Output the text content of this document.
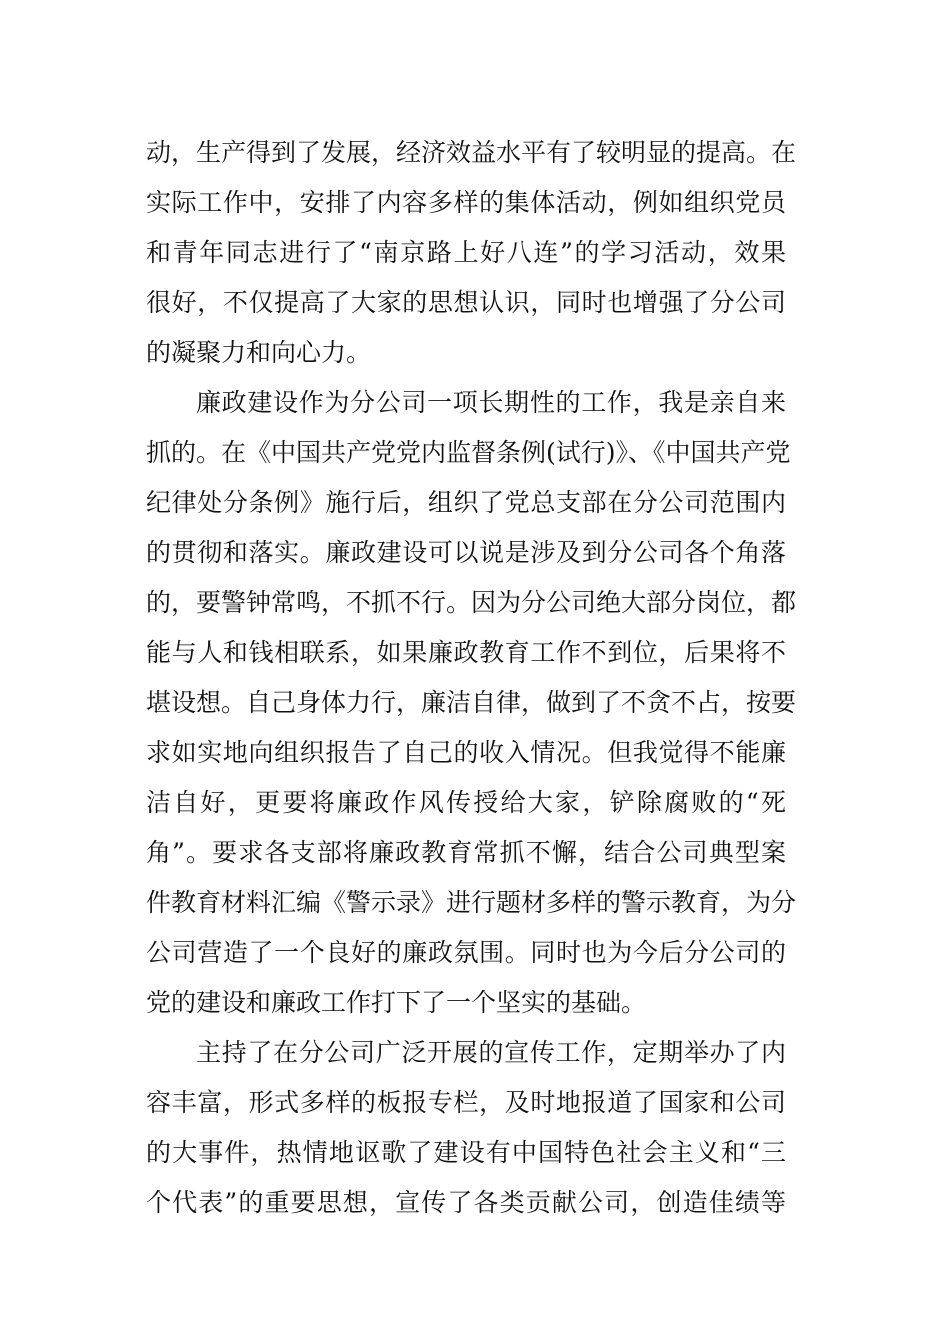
动，生产得到了发展，经济效益水平有了较明显的提高。在
实际工作中，安排了内容多样的集体活动，例如组织党员
和青年同志进行了“南京路上好八连”的学习活动，效果
很好，不仅提高了大家的思想认识，同时也增强了分公司
的凝聚力和向心力。
廉政建设作为分公司一项长期性的工作，我是亲自来
抓的。在《中国共产党党内监督条例(试行)》、《中国共产党
纪律处分条例》施行后，组织了党总支部在分公司范围内
的贯彻和落实。廉政建设可以说是涉及到分公司各个角落
的，要警钟常鸣，不抓不行。因为分公司绝大部分岗位，都
能与人和钱相联系，如果廉政教育工作不到位，后果将不
堪设想。自己身体力行，廉洁自律，做到了不贪不占，按要
求如实地向组织报告了自己的收入情况。但我觉得不能廉
洁自好，更要将廉政作风传授给大家，铲除腐败的“死
角”。要求各支部将廉政教育常抓不懈，结合公司典型案
件教育材料汇编《警示录》进行题材多样的警示教育，为分
公司营造了一个良好的廉政氛围。同时也为今后分公司的
党的建设和廉政工作打下了一个坚实的基础。
主持了在分公司广泛开展的宣传工作，定期举办了内
容丰富，形式多样的板报专栏，及时地报道了国家和公司
的大事件，热情地讴歌了建设有中国特色社会主义和“三
个代表”的重要思想，宣传了各类贡献公司，创造佳绩等
